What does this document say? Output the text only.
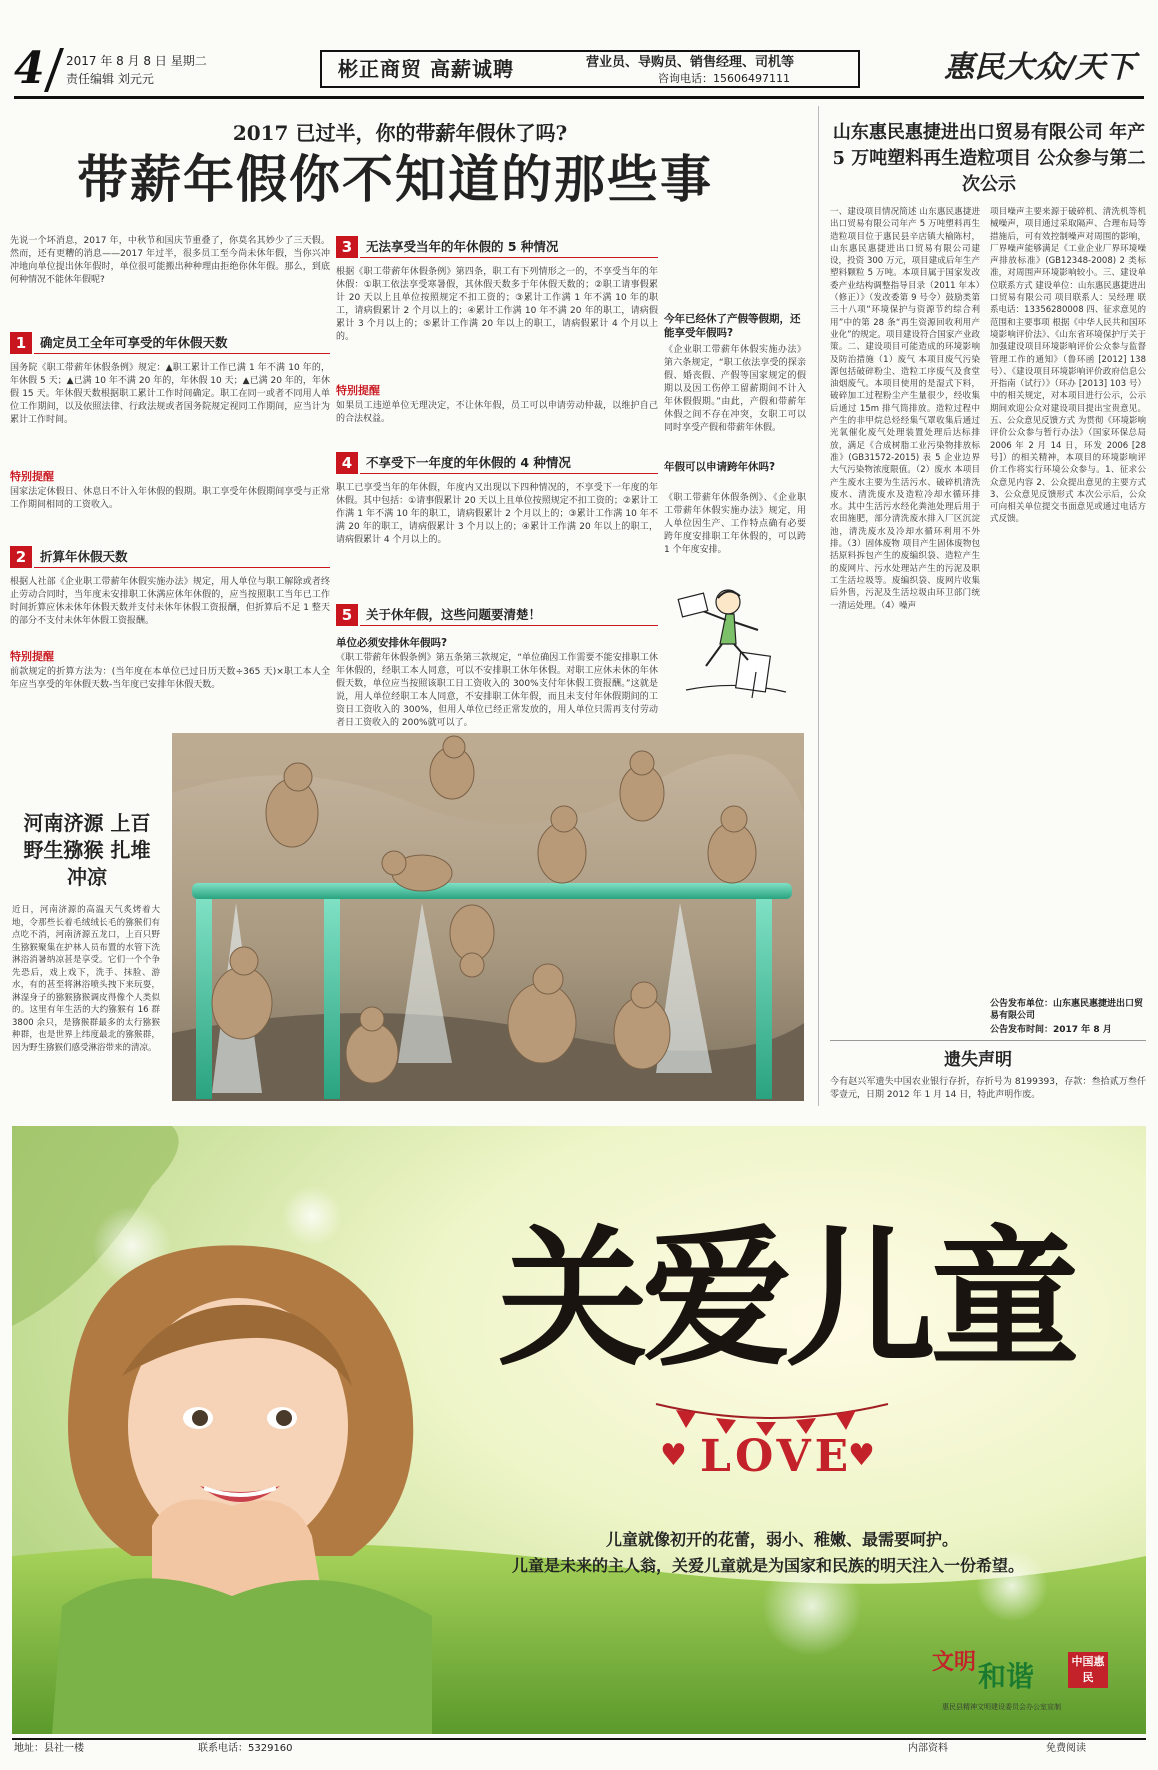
4 2017 年 8 月 8 日 星期二
责任编辑 刘元元	彬正商贸 高薪诚聘	营业员、导购员、销售经理、司机等
咨询电话：15606497111	惠民大众/天下
2017 已过半，你的带薪年假休了吗?
带薪年假你不知道的那些事

先说一个坏消息，2017 年，中秋节和国庆节重叠了，你莫名其妙少了三天假。然而，还有更糟的消息——2017 年过半，很多员工至今尚未休年假，当你兴冲冲地向单位提出休年假时，单位很可能搬出种种理由拒绝你休年假。那么，到底何种情况不能休年假呢?

1	确定员工全年可享受的年休假天数

国务院《职工带薪年休假条例》规定：▲职工累计工作已满 1 年不满 10 年的，年休假 5 天；▲已满 10 年不满 20 年的，年休假 10 天；▲已满 20 年的，年休假 15 天。年休假天数根据职工累计工作时间确定。职工在同一或者不同用人单位工作期间，以及依照法律、行政法规或者国务院规定视同工作期间，应当计为累计工作时间。

特别提醒

国家法定休假日、休息日不计入年休假的假期。职工享受年休假期间享受与正常工作期间相同的工资收入。

2	折算年休假天数

根据人社部《企业职工带薪年休假实施办法》规定，用人单位与职工解除或者终止劳动合同时，当年度未安排职工休满应休年休假的，应当按照职工当年已工作时间折算应休未休年休假天数并支付未休年休假工资报酬，但折算后不足 1 整天的部分不支付未休年休假工资报酬。

特别提醒

前款规定的折算方法为：(当年度在本单位已过日历天数÷365 天)×职工本人全年应当享受的年休假天数-当年度已安排年休假天数。

3	无法享受当年的年休假的 5 种情况

根据《职工带薪年休假条例》第四条，职工有下列情形之一的，不享受当年的年休假：①职工依法享受寒暑假，其休假天数多于年休假天数的；②职工请事假累计 20 天以上且单位按照规定不扣工资的；③累计工作满 1 年不满 10 年的职工，请病假累计 2 个月以上的；④累计工作满 10 年不满 20 年的职工，请病假累计 3 个月以上的；⑤累计工作满 20 年以上的职工，请病假累计 4 个月以上的。

特别提醒

如果员工违逆单位无理决定，不让休年假，员工可以申请劳动仲裁，以维护自己的合法权益。

4	不享受下一年度的年休假的 4 种情况

职工已享受当年的年休假，年度内又出现以下四种情况的，不享受下一年度的年休假。其中包括：①请事假累计 20 天以上且单位按照规定不扣工资的；②累计工作满 1 年不满 10 年的职工，请病假累计 2 个月以上的；③累计工作满 10 年不满 20 年的职工，请病假累计 3 个月以上的；④累计工作满 20 年以上的职工，请病假累计 4 个月以上的。

5	关于休年假，这些问题要清楚！
单位必须安排休年假吗?

《职工带薪年休假条例》第五条第三款规定，“单位确因工作需要不能安排职工休年休假的，经职工本人同意，可以不安排职工休年休假。对职工应休未休的年休假天数，单位应当按照该职工日工资收入的 300%支付年休假工资报酬。”这就是说，用人单位经职工本人同意，不安排职工休年假，而且未支付年休假期间的工资日工资收入的 300%，但用人单位已经正常发放的，用人单位只需再支付劳动者日工资收入的 200%就可以了。

今年已经休了产假等假期，还能享受年假吗?

《企业职工带薪年休假实施办法》第六条规定，“职工依法享受的探亲假、婚丧假、产假等国家规定的假期以及因工伤停工留薪期间不计入年休假假期。”由此，产假和带薪年休假之间不存在冲突，女职工可以同时享受产假和带薪年休假。

年假可以申请跨年休吗?

《职工带薪年休假条例》、《企业职工带薪年休假实施办法》规定，用人单位因生产、工作特点确有必要跨年度安排职工年休假的，可以跨 1 个年度安排。

河南济源 上百野生猕猴 扎堆冲凉

近日，河南济源的高温天气炙烤着大地，令那些长着毛绒绒长毛的猕猴们有点吃不消，河南济源五龙口，上百只野生猕猴聚集在护林人员布置的水管下洗淋浴消暑纳凉甚是享受。它们一个个争先恐后，戏上戏下，洗手、抹脸、游水，有的甚至将淋浴喷头拽下来玩耍，淋湿身子的猕猴猕猴调皮得像个人类似的。这里有年生活的大约猕猴有 16 群 3800 余只，是猕猴群最多的太行猕猴种群，也是世界上纬度最北的猕猴群，因为野生猕猴们感受淋浴带来的清凉。

山东惠民惠捷进出口贸易有限公司 年产 5 万吨塑料再生造粒项目 公众参与第二次公示

一、建设项目情况简述 山东惠民惠捷进出口贸易有限公司年产 5 万吨塑料再生造粒项目位于惠民县辛店镇大榆陈村，山东惠民惠捷进出口贸易有限公司建设，投资 300 万元，项目建成后年生产塑料颗粒 5 万吨。本项目属于国家发改委产业结构调整指导目录（2011 年本）（修正）》（发改委第 9 号令）鼓励类第三十八项“环境保护与资源节约综合利用”中的第 28 条“再生资源回收利用产业化”的规定。项目建设符合国家产业政策。二、建设项目可能造成的环境影响及防治措施（1）废气 本项目废气污染源包括破碎粉尘、造粒工序废气及食堂油烟废气。本项目使用的是湿式下料，破碎加工过程粉尘产生量很少，经收集后通过 15m 排气筒排放。造粒过程中产生的非甲烷总烃经集气罩收集后通过光氧催化废气处理装置处理后达标排放，满足《合成树脂工业污染物排放标准》(GB31572-2015) 表 5 企业边界大气污染物浓度限值。（2）废水 本项目产生废水主要为生活污水、破碎机清洗废水、清洗废水及造粒冷却水循环排水。其中生活污水经化粪池处理后用于农田施肥，部分清洗废水排入厂区沉淀池，清洗废水及冷却水循环利用不外排。（3）固体废物 项目产生固体废物包括原料拆包产生的废编织袋、造粒产生的废网片、污水处理站产生的污泥及职工生活垃圾等。废编织袋、废网片收集后外售，污泥及生活垃圾由环卫部门统一清运处理。（4）噪声

项目噪声主要来源于破碎机、清洗机等机械噪声，项目通过采取隔声、合理布局等措施后，可有效控制噪声对周围的影响，厂界噪声能够满足《工业企业厂界环境噪声排放标准》(GB12348-2008) 2 类标准，对周围声环境影响较小。三、建设单位联系方式 建设单位：山东惠民惠捷进出口贸易有限公司 项目联系人：吴经理 联系电话：13356280008 四、征求意见的范围和主要事项 根据《中华人民共和国环境影响评价法》、《山东省环境保护厅关于加强建设项目环境影响评价公众参与监督管理工作的通知》（鲁环函 [2012] 138 号）、《建设项目环境影响评价政府信息公开指南（试行）》（环办 [2013] 103 号）中的相关规定，对本项目进行公示，公示期间欢迎公众对建设项目提出宝贵意见。五、公众意见反馈方式 为贯彻《环境影响评价公众参与暂行办法》（国家环保总局 2006 年 2 月 14 日，环发 2006 [28 号]）的相关精神，本项目的环境影响评价工作将实行环境公众参与。1、征求公众意见内容 2、公众提出意见的主要方式 3、公众意见反馈形式 本次公示后，公众可向相关单位提交书面意见或通过电话方式反馈。

公告发布单位：山东惠民惠捷进出口贸易有限公司
公告发布时间：2017 年 8 月
遗失声明

今有赵兴军遗失中国农业银行存折，存折号为 8199393，存款：叁拾贰万叁仟零壹元，日期 2012 年 1 月 14 日，特此声明作废。

关爱儿童
♥ LOVE
♥
儿童就像初开的花蕾，弱小、稚嫩、最需要呵护。
儿童是未来的主人翁，关爱儿童就是为国家和民族的明天注入一份希望。
文明 和谐	中国惠民
惠民县精神文明建设委员会办公室宣制
地址：县社一楼	联系电话：5329160	内部资料	免费阅读
